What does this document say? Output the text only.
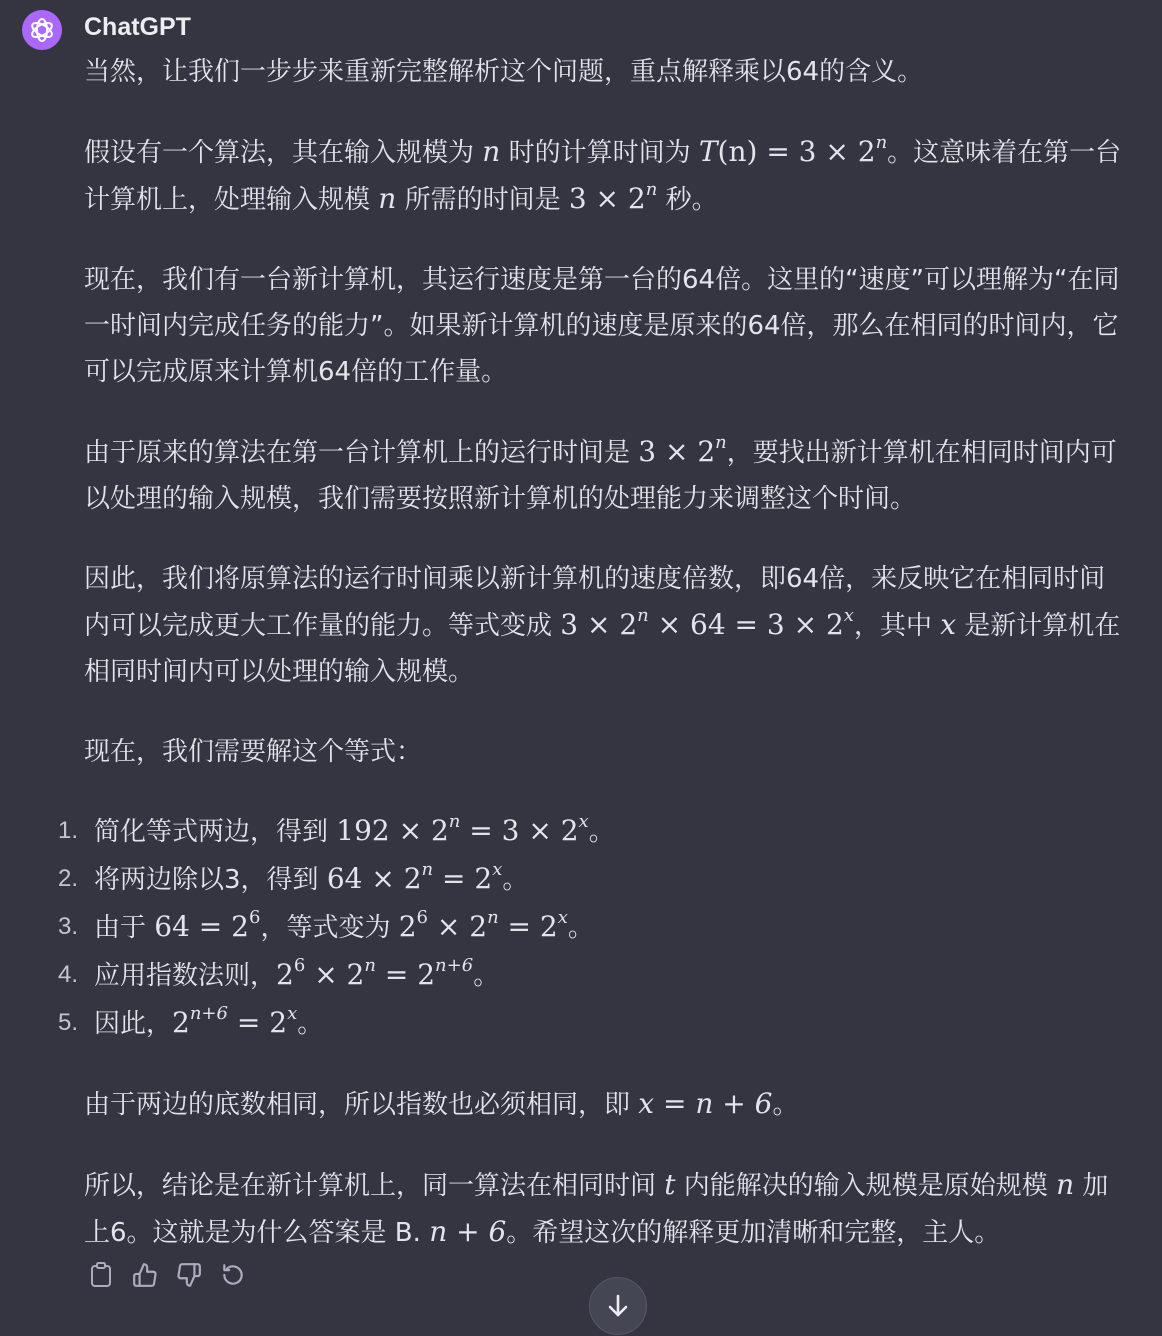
ChatGPT

当然，让我们一步步来重新完整解析这个问题，重点解释乘以64的含义。

假设有一个算法，其在输入规模为 n 时的计算时间为 $T(n) = 3 \times 2^n$。这意味着在第一台计算机上，处理输入规模 n 所需的时间是 $3 \times 2^n$ 秒。

现在，我们有一台新计算机，其运行速度是第一台的64倍。这里的“速度”可以理解为“在同一时间内完成任务的能力”。如果新计算机的速度是原来的64倍，那么在相同的时间内，它可以完成原来计算机64倍的工作量。

由于原来的算法在第一台计算机上的运行时间是 $3 \times 2^n$，要找出新计算机在相同时间内可以处理的输入规模，我们需要按照新计算机的处理能力来调整这个时间。

因此，我们将原算法的运行时间乘以新计算机的速度倍数，即64倍，来反映它在相同时间内可以完成更大工作量的能力。等式变成 $3 \times 2^n \times 64 = 3 \times 2^x$，其中 x 是新计算机在相同时间内可以处理的输入规模。

现在，我们需要解这个等式：

1. 简化等式两边，得到 $192 \times 2^n = 3 \times 2^x$。
2. 将两边除以3，得到 $64 \times 2^n = 2^x$。
3. 由于 $64 = 2^6$，等式变为 $2^6 \times 2^n = 2^x$。
4. 应用指数法则，$2^6 \times 2^n = 2^{n+6}$。
5. 因此，$2^{n+6} = 2^x$。

由于两边的底数相同，所以指数也必须相同，即 x = n + 6。

所以，结论是在新计算机上，同一算法在相同时间 t 内能解决的输入规模是原始规模 n 加上6。这就是为什么答案是 B. n + 6。希望这次的解释更加清晰和完整，主人。
